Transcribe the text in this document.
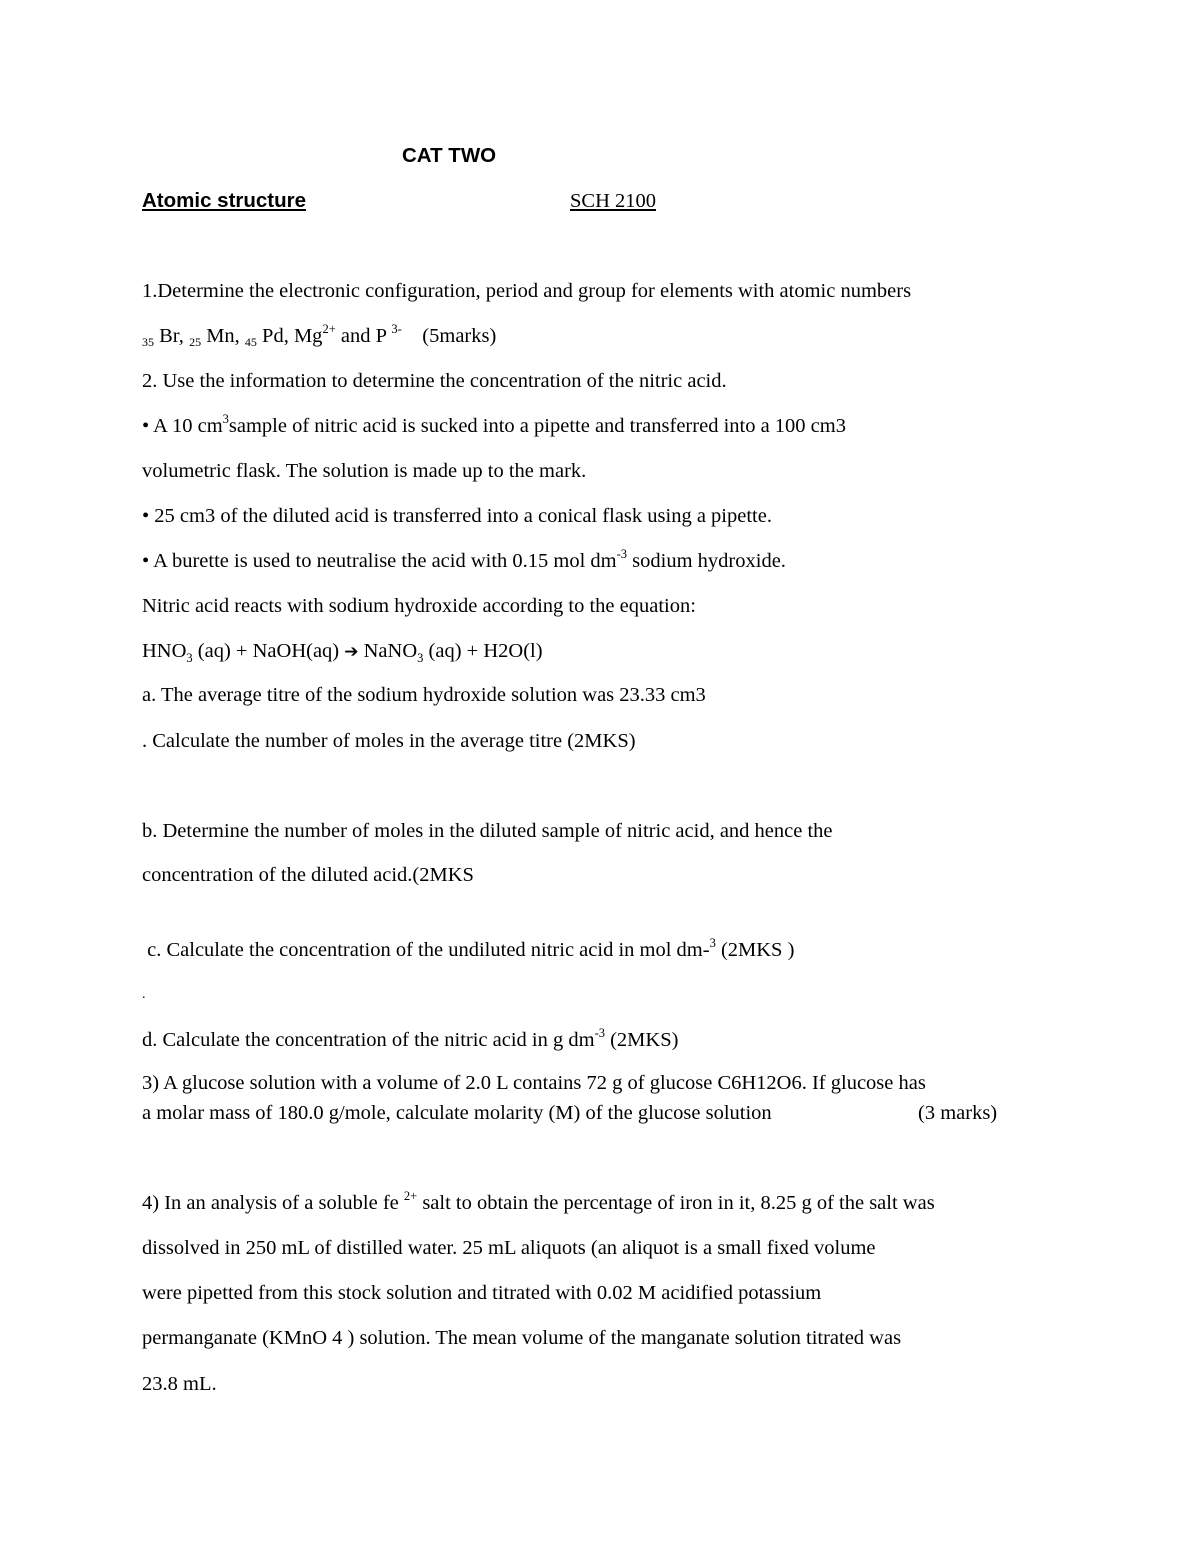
CAT TWO
Atomic structure	SCH 2100
1.Determine the electronic configuration, period and group for elements with atomic numbers
35 Br, 25 Mn, 45 Pd, $Mg^{2+}$ and P $^{3-}$    (5marks)
2. Use the information to determine the concentration of the nitric acid.
• A 10 $cm^3sample$ of nitric acid is sucked into a pipette and transferred into a 100 cm3
volumetric flask. The solution is made up to the mark.
• 25 cm3 of the diluted acid is transferred into a conical flask using a pipette.
• A burette is used to neutralise the acid with 0.15 mol $dm^{-3}$ sodium hydroxide.
Nitric acid reacts with sodium hydroxide according to the equation:
$HNO_3$ (aq) + NaOH(aq) ➔ NaNO$_3$ (aq) + H2O(l)
a. The average titre of the sodium hydroxide solution was 23.33 cm3
. Calculate the number of moles in the average titre (2MKS)
b. Determine the number of moles in the diluted sample of nitric acid, and hence the
concentration of the diluted acid.(2MKS
c. Calculate the concentration of the undiluted nitric acid in mol dm-$^3$ (2MKS )
.
d. Calculate the concentration of the nitric acid in g $dm^{-3}$ (2MKS)
3) A glucose solution with a volume of 2.0 L contains 72 g of glucose C6H12O6. If glucose has
a molar mass of 180.0 g/mole, calculate molarity (M) of the glucose solution	(3 marks)
4) In an analysis of a soluble fe $^{2+}$ salt to obtain the percentage of iron in it, 8.25 g of the salt was
dissolved in 250 mL of distilled water. 25 mL aliquots (an aliquot is a small fixed volume
were pipetted from this stock solution and titrated with 0.02 M acidified potassium
permanganate (KMnO 4 ) solution. The mean volume of the manganate solution titrated was
23.8 mL.
